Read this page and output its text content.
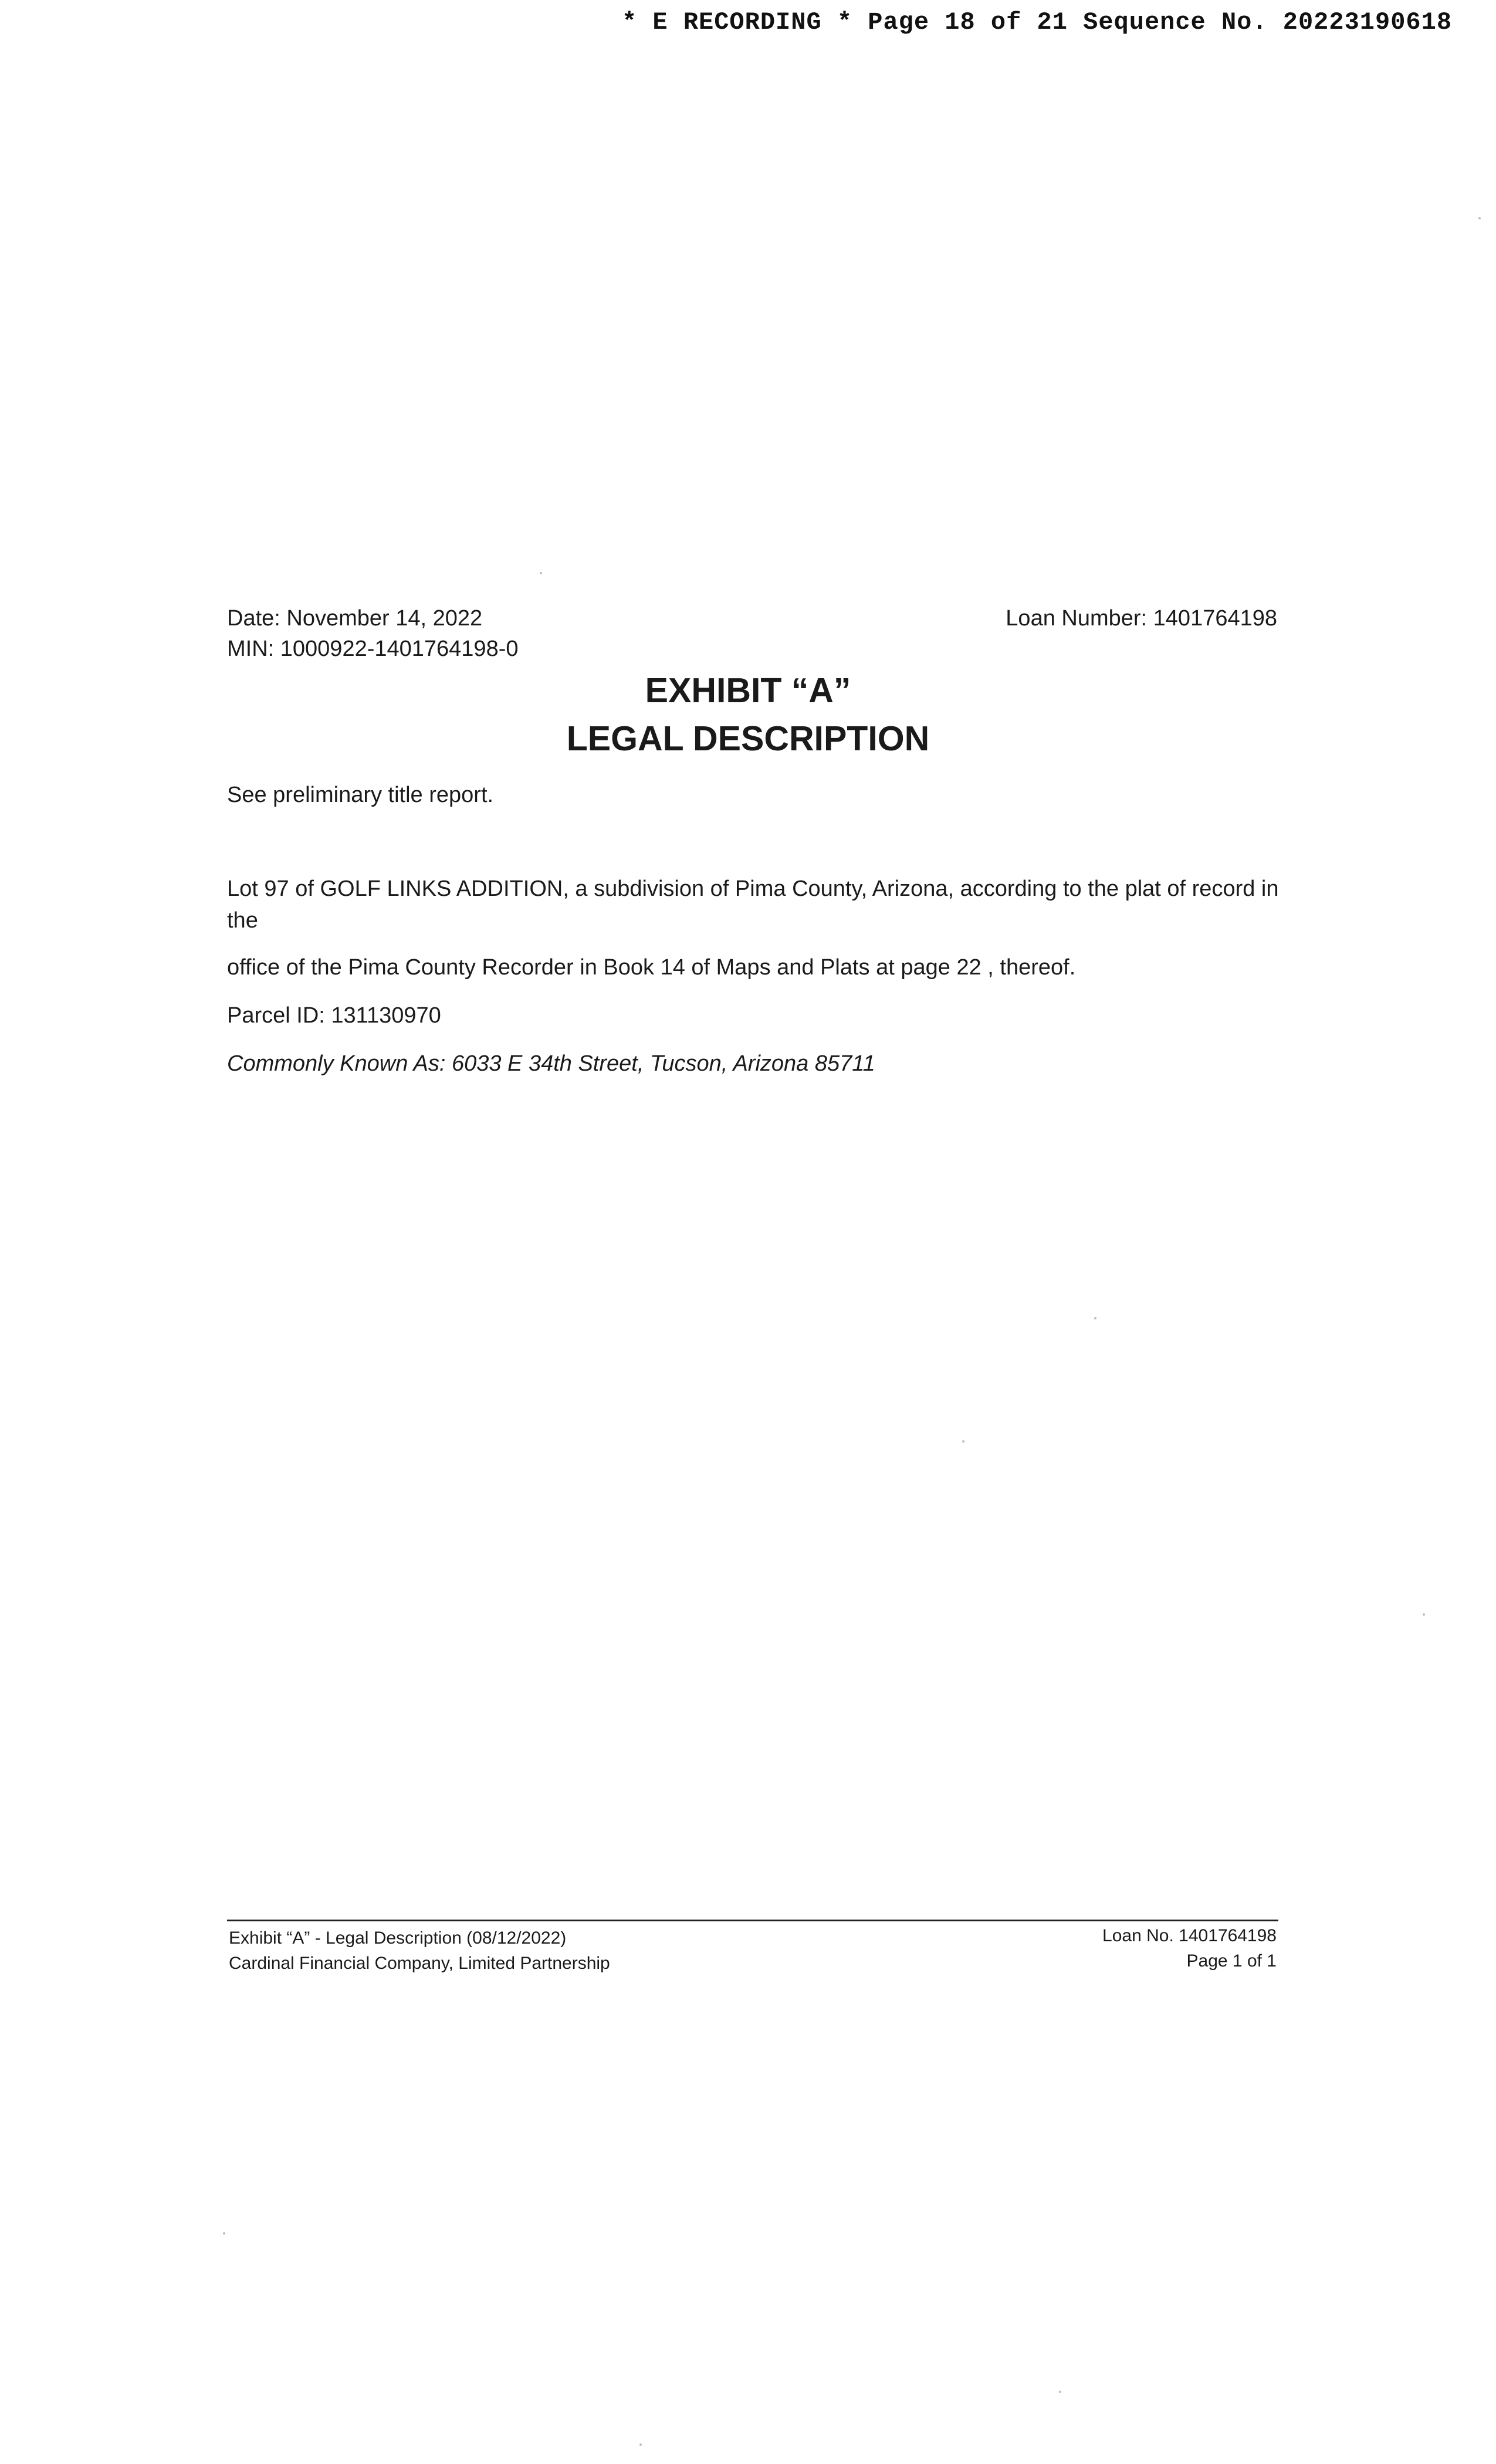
* E RECORDING * Page 18 of 21 Sequence No. 20223190618
Date: November 14, 2022
MIN: 1000922-1401764198-0
Loan Number: 1401764198
EXHIBIT “A”
LEGAL DESCRIPTION
See preliminary title report.
Lot 97 of GOLF LINKS ADDITION, a subdivision of Pima County, Arizona, according to the plat of record in
the
office of the Pima County Recorder in Book 14 of Maps and Plats at page 22 , thereof.
Parcel ID: 131130970
Commonly Known As: 6033 E 34th Street, Tucson, Arizona 85711
Exhibit “A” - Legal Description (08/12/2022)
Cardinal Financial Company, Limited Partnership
Loan No. 1401764198
Page 1 of 1
